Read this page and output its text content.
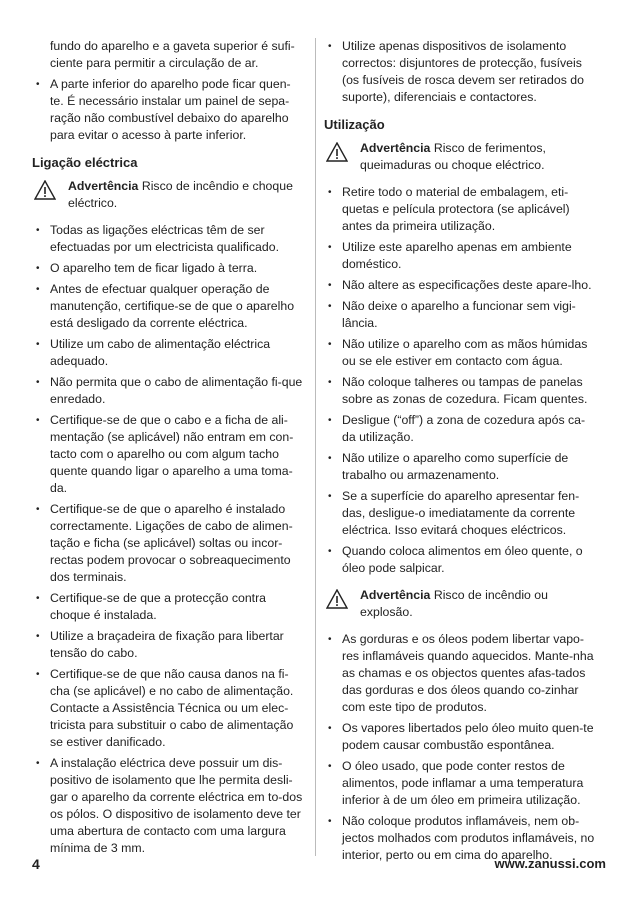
fundo do aparelho e a gaveta superior é sufi-ciente para permitir a circulação de ar.

• A parte inferior do aparelho pode ficar quen-te. É necessário instalar um painel de sepa-ração não combustível debaixo do aparelho para evitar o acesso à parte inferior.
Ligação eléctrica
Advertência Risco de incêndio e choque eléctrico.
• Todas as ligações eléctricas têm de ser efectuadas por um electricista qualificado.
• O aparelho tem de ficar ligado à terra.
• Antes de efectuar qualquer operação de manutenção, certifique-se de que o aparelho está desligado da corrente eléctrica.
• Utilize um cabo de alimentação eléctrica adequado.
• Não permita que o cabo de alimentação fi-que enredado.
• Certifique-se de que o cabo e a ficha de ali-mentação (se aplicável) não entram em con-tacto com o aparelho ou com algum tacho quente quando ligar o aparelho a uma toma-da.
• Certifique-se de que o aparelho é instalado correctamente. Ligações de cabo de alimen-tação e ficha (se aplicável) soltas ou incor-rectas podem provocar o sobreaquecimento dos terminais.
• Certifique-se de que a protecção contra choque é instalada.
• Utilize a braçadeira de fixação para libertar tensão do cabo.
• Certifique-se de que não causa danos na fi-cha (se aplicável) e no cabo de alimentação. Contacte a Assistência Técnica ou um elec-tricista para substituir o cabo de alimentação se estiver danificado.
• A instalação eléctrica deve possuir um dis-positivo de isolamento que lhe permita desli-gar o aparelho da corrente eléctrica em to-dos os pólos. O dispositivo de isolamento deve ter uma abertura de contacto com uma largura mínima de 3 mm.
• Utilize apenas dispositivos de isolamento correctos: disjuntores de protecção, fusíveis (os fusíveis de rosca devem ser retirados do suporte), diferenciais e contactores.
Utilização
Advertência Risco de ferimentos, queimaduras ou choque eléctrico.
• Retire todo o material de embalagem, eti-quetas e película protectora (se aplicável) antes da primeira utilização.
• Utilize este aparelho apenas em ambiente doméstico.
• Não altere as especificações deste apare-lho.
• Não deixe o aparelho a funcionar sem vigi-lância.
• Não utilize o aparelho com as mãos húmidas ou se ele estiver em contacto com água.
• Não coloque talheres ou tampas de panelas sobre as zonas de cozedura. Ficam quentes.
• Desligue (“off”) a zona de cozedura após ca-da utilização.
• Não utilize o aparelho como superfície de trabalho ou armazenamento.
• Se a superfície do aparelho apresentar fen-das, desligue-o imediatamente da corrente eléctrica. Isso evitará choques eléctricos.
• Quando coloca alimentos em óleo quente, o óleo pode salpicar.
Advertência Risco de incêndio ou explosão.
• As gorduras e os óleos podem libertar vapo-res inflamáveis quando aquecidos. Mante-nha as chamas e os objectos quentes afas-tados das gorduras e dos óleos quando co-zinhar com este tipo de produtos.
• Os vapores libertados pelo óleo muito quen-te podem causar combustão espontânea.
• O óleo usado, que pode conter restos de alimentos, pode inflamar a uma temperatura inferior à de um óleo em primeira utilização.
• Não coloque produtos inflamáveis, nem ob-jectos molhados com produtos inflamáveis, no interior, perto ou em cima do aparelho.
4	www.zanussi.com
